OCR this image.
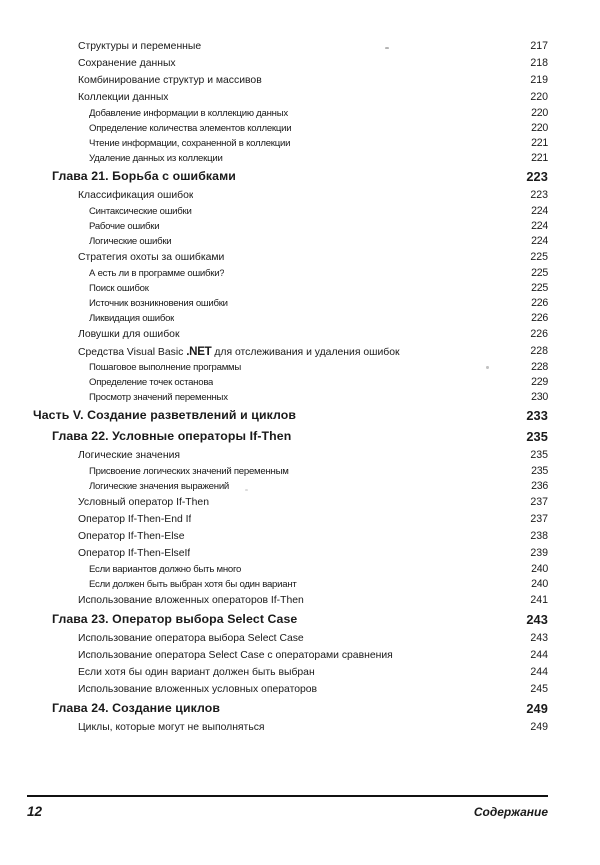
Структуры и переменные	217
Сохранение данных	218
Комбинирование структур и массивов	219
Коллекции данных	220
Добавление информации в коллекцию данных	220
Определение количества элементов коллекции	220
Чтение информации, сохраненной в коллекции	221
Удаление данных из коллекции	221
Глава 21. Борьба с ошибками	223
Классификация ошибок	223
Синтаксические ошибки	224
Рабочие ошибки	224
Логические ошибки	224
Стратегия охоты за ошибками	225
А есть ли в программе ошибки?	225
Поиск ошибок	225
Источник возникновения ошибки	226
Ликвидация ошибок	226
Ловушки для ошибок	226
Средства Visual Basic .NET для отслеживания и удаления ошибок	228
Пошаговое выполнение программы	228
Определение точек останова	229
Просмотр значений переменных	230
Часть V. Создание разветвлений и циклов	233
Глава 22. Условные операторы If-Then	235
Логические значения	235
Присвоение логических значений переменным	235
Логические значения выражений	236
Условный оператор If-Then	237
Оператор If-Then-End If	237
Оператор If-Then-Else	238
Оператор If-Then-ElseIf	239
Если вариантов должно быть много	240
Если должен быть выбран хотя бы один вариант	240
Использование вложенных операторов If-Then	241
Глава 23. Оператор выбора Select Case	243
Использование оператора выбора Select Case	243
Использование оператора Select Case с операторами сравнения	244
Если хотя бы один вариант должен быть выбран	244
Использование вложенных условных операторов	245
Глава 24. Создание циклов	249
Циклы, которые могут не выполняться	249
12	Содержание
